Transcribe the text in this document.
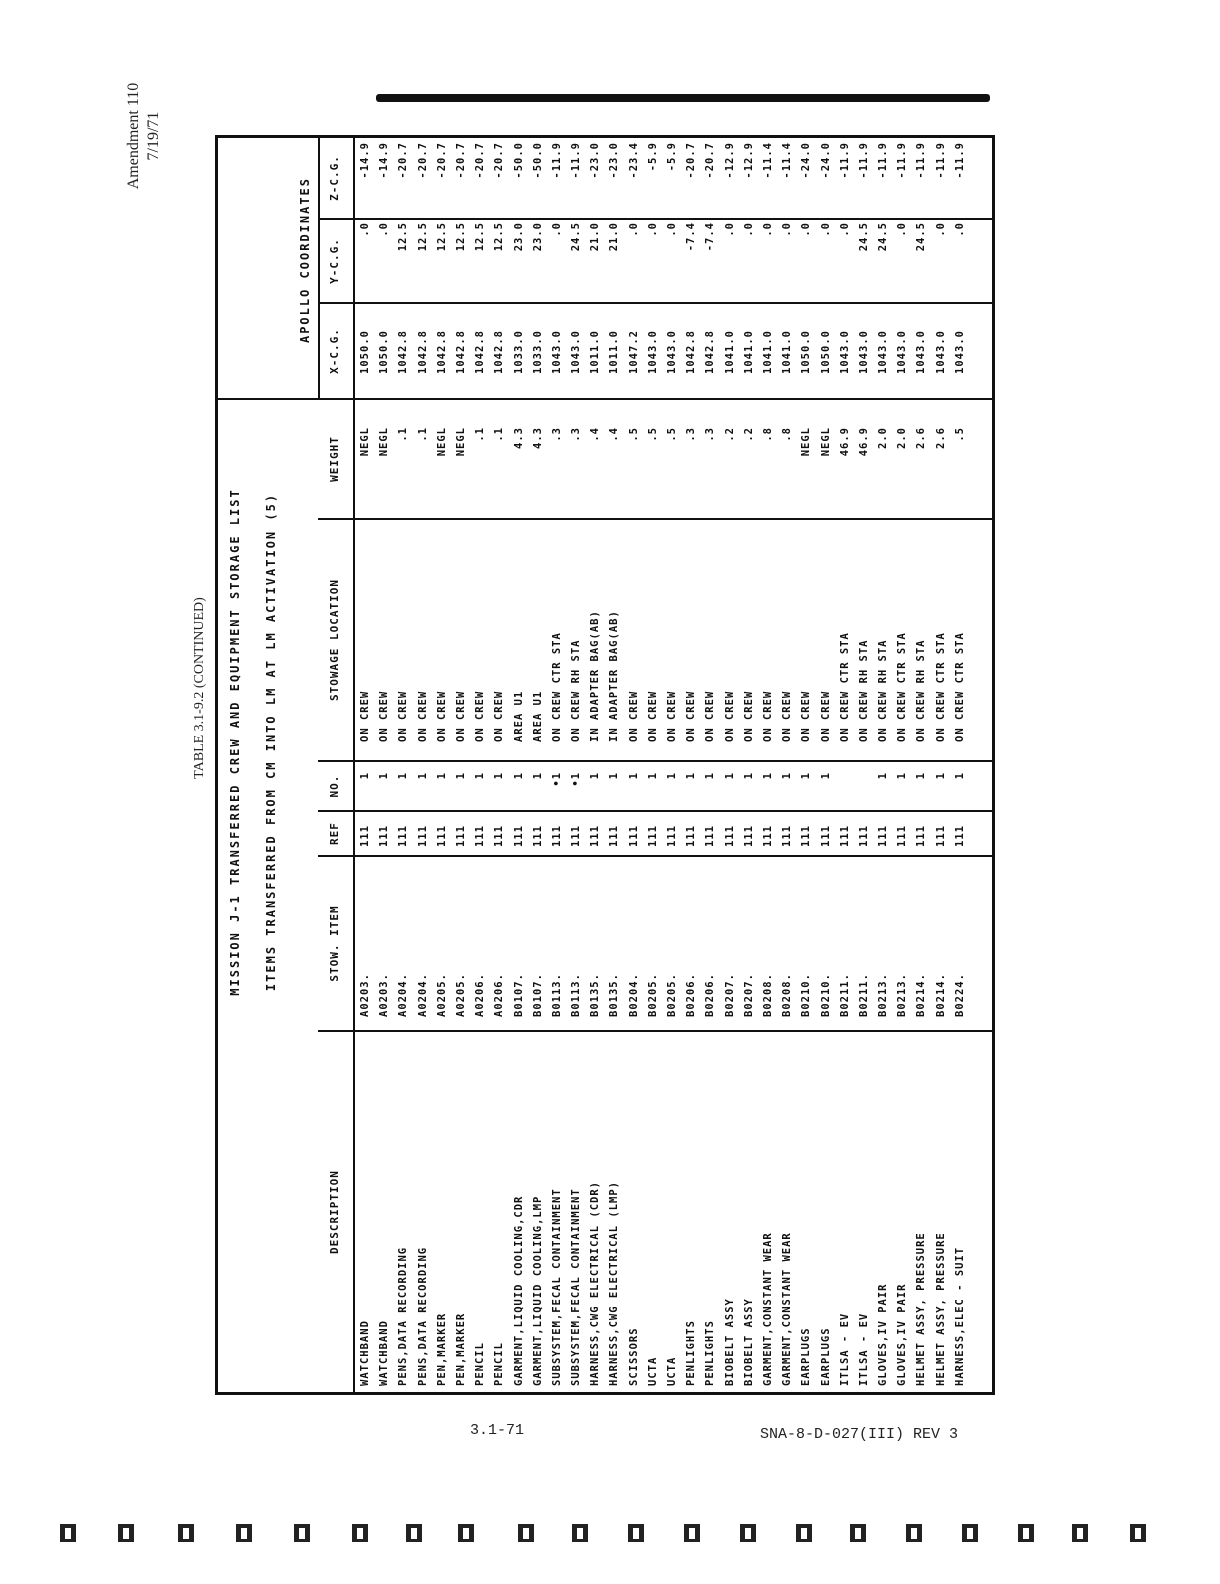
Amendment 110 7/19/71
TABLE 3.1-9.2 (CONTINUED) MISSION J-1 TRANSFERRED CREW AND EQUIPMENT STORAGE LIST ITEMS TRANSFERRED FROM CM INTO LM AT LM ACTIVATION (5)
APOLLO COORDINATES
DESCRIPTION
STOW. ITEM
REF
NO.
STOWAGE LOCATION
WEIGHT
X-C.G.
Y-C.G.
Z-C.G.
WATCHBAND
A0203.
111
1
ON CREW
NEGL
1050.0
.0
-14.9
WATCHBAND
A0203.
111
1
ON CREW
NEGL
1050.0
.0
-14.9
PENS,DATA RECORDING
A0204.
111
1
ON CREW
.1
1042.8
12.5
-20.7
PENS,DATA RECORDING
A0204.
111
1
ON CREW
.1
1042.8
12.5
-20.7
PEN,MARKER
A0205.
111
1
ON CREW
NEGL
1042.8
12.5
-20.7
PEN,MARKER
A0205.
111
1
ON CREW
NEGL
1042.8
12.5
-20.7
PENCIL
A0206.
111
1
ON CREW
.1
1042.8
12.5
-20.7
PENCIL
A0206.
111
1
ON CREW
.1
1042.8
12.5
-20.7
GARMENT,LIQUID COOLING,CDR
B0107.
111
1
AREA U1
4.3
1033.0
23.0
-50.0
GARMENT,LIQUID COOLING,LMP
B0107.
111
1
AREA U1
4.3
1033.0
23.0
-50.0
SUBSYSTEM,FECAL CONTAINMENT
B0113.
111
•1
ON CREW CTR STA
.3
1043.0
.0
-11.9
SUBSYSTEM,FECAL CONTAINMENT
B0113.
111
•1
ON CREW RH STA
.3
1043.0
24.5
-11.9
HARNESS,CWG ELECTRICAL (CDR)
B0135.
111
1
IN ADAPTER BAG(AB)
.4
1011.0
21.0
-23.0
HARNESS,CWG ELECTRICAL (LMP)
B0135.
111
1
IN ADAPTER BAG(AB)
.4
1011.0
21.0
-23.0
SCISSORS
B0204.
111
1
ON CREW
.5
1047.2
.0
-23.4
UCTA
B0205.
111
1
ON CREW
.5
1043.0
.0
-5.9
UCTA
B0205.
111
1
ON CREW
.5
1043.0
.0
-5.9
PENLIGHTS
B0206.
111
1
ON CREW
.3
1042.8
-7.4
-20.7
PENLIGHTS
B0206.
111
1
ON CREW
.3
1042.8
-7.4
-20.7
BIOBELT ASSY
B0207.
111
1
ON CREW
.2
1041.0
.0
-12.9
BIOBELT ASSY
B0207.
111
1
ON CREW
.2
1041.0
.0
-12.9
GARMENT,CONSTANT WEAR
B0208.
111
1
ON CREW
.8
1041.0
.0
-11.4
GARMENT,CONSTANT WEAR
B0208.
111
1
ON CREW
.8
1041.0
.0
-11.4
EARPLUGS
B0210.
111
1
ON CREW
NEGL
1050.0
.0
-24.0
EARPLUGS
B0210.
111
1
ON CREW
NEGL
1050.0
.0
-24.0
ITLSA - EV
B0211.
111
ON CREW CTR STA
46.9
1043.0
.0
-11.9
ITLSA - EV
B0211.
111
ON CREW RH STA
46.9
1043.0
24.5
-11.9
GLOVES,IV PAIR
B0213.
111
1
ON CREW RH STA
2.0
1043.0
24.5
-11.9
GLOVES,IV PAIR
B0213.
111
1
ON CREW CTR STA
2.0
1043.0
.0
-11.9
HELMET ASSY, PRESSURE
B0214.
111
1
ON CREW RH STA
2.6
1043.0
24.5
-11.9
HELMET ASSY, PRESSURE
B0214.
111
1
ON CREW CTR STA
2.6
1043.0
.0
-11.9
HARNESS,ELEC - SUIT
B0224.
111
1
ON CREW CTR STA
.5
1043.0
.0
-11.9
3.1-71	SNA-8-D-027(III) REV 3
